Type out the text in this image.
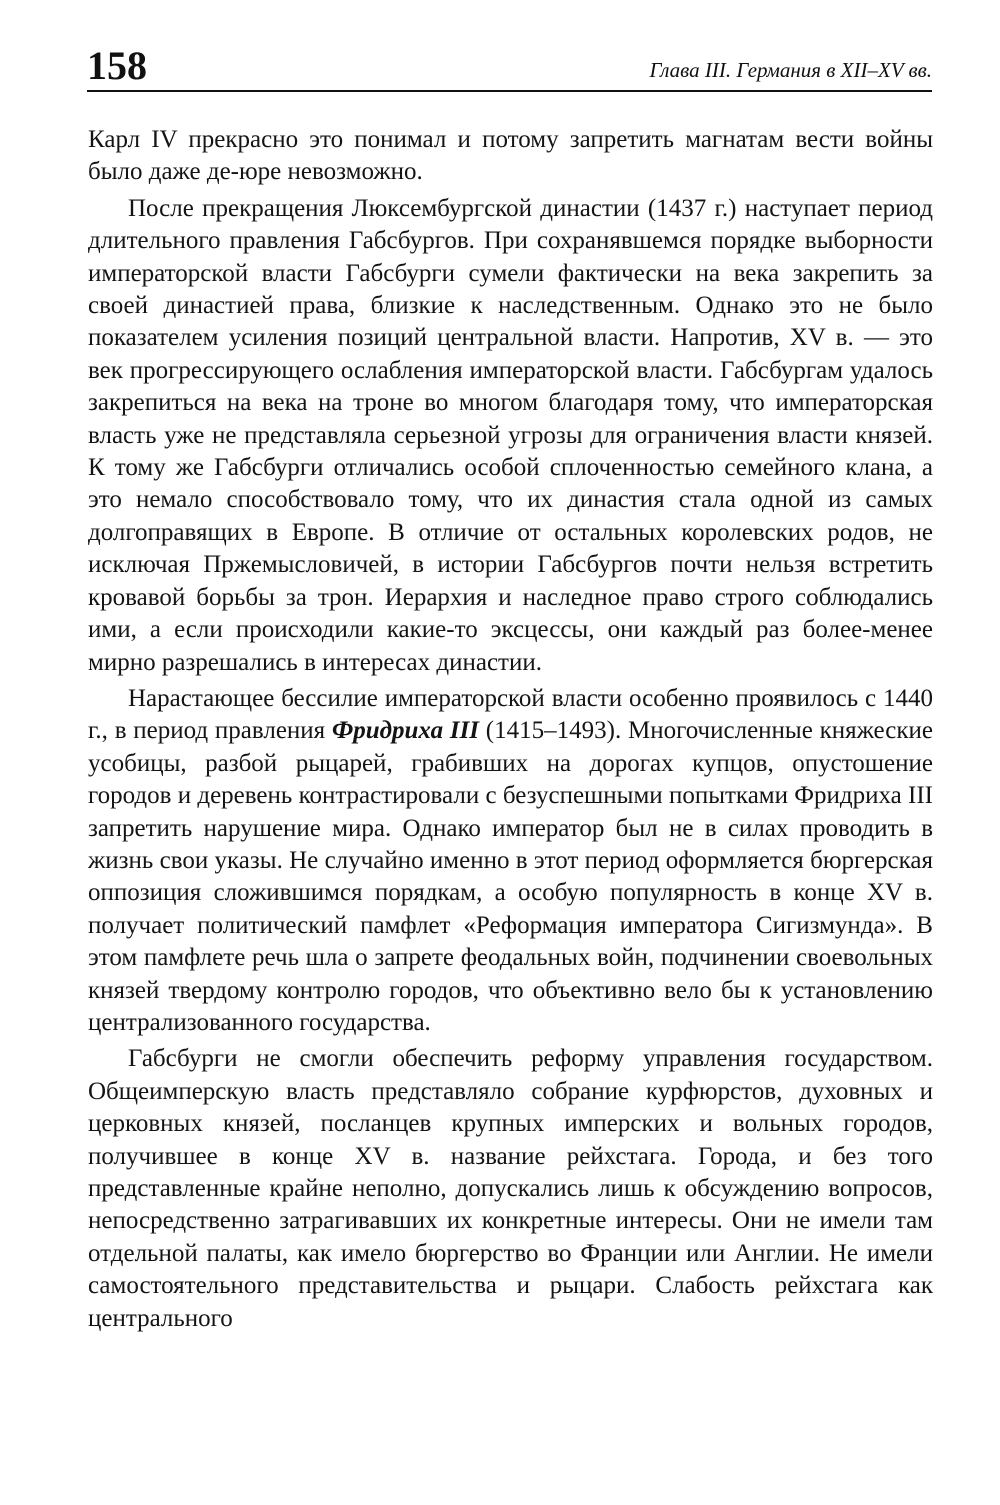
158	Глава III. Германия в XII–XV вв.

Карл IV прекрасно это понимал и потому запретить магнатам вести войны было даже де-юре невозможно.

После прекращения Люксембургской династии (1437 г.) наступает период длительного правления Габсбургов. При сохранявшемся порядке выборности императорской власти Габсбурги сумели фактически на века закрепить за своей династией права, близкие к наследственным. Однако это не было показателем усиления позиций центральной власти. Напротив, XV в. — это век прогрессирующего ослабления императорской власти. Габсбургам удалось закрепиться на века на троне во многом благодаря тому, что императорская власть уже не представляла серьезной угрозы для ограничения власти князей. К тому же Габсбурги отличались особой сплоченностью семейного клана, а это немало способствовало тому, что их династия стала одной из самых долгоправящих в Европе. В отличие от остальных королевских родов, не исключая Пржемысловичей, в истории Габсбургов почти нельзя встретить кровавой борьбы за трон. Иерархия и наследное право строго соблюдались ими, а если происходили какие-то эксцессы, они каждый раз более-менее мирно разрешались в интересах династии.

Нарастающее бессилие императорской власти особенно проявилось с 1440 г., в период правления Фридриха III (1415–1493). Многочисленные княжеские усобицы, разбой рыцарей, грабивших на дорогах купцов, опустошение городов и деревень контрастировали с безуспешными попытками Фридриха III запретить нарушение мира. Однако император был не в силах проводить в жизнь свои указы. Не случайно именно в этот период оформляется бюргерская оппозиция сложившимся порядкам, а особую популярность в конце XV в. получает политический памфлет «Реформация императора Сигизмунда». В этом памфлете речь шла о запрете феодальных войн, подчинении своевольных князей твердому контролю городов, что объективно вело бы к установлению централизованного государства.

Габсбурги не смогли обеспечить реформу управления государством. Общеимперскую власть представляло собрание курфюрстов, духовных и церковных князей, посланцев крупных имперских и вольных городов, получившее в конце XV в. название рейхстага. Города, и без того представленные крайне неполно, допускались лишь к обсуждению вопросов, непосредственно затрагивавших их конкретные интересы. Они не имели там отдельной палаты, как имело бюргерство во Франции или Англии. Не имели самостоятельного представительства и рыцари. Слабость рейхстага как центрального
